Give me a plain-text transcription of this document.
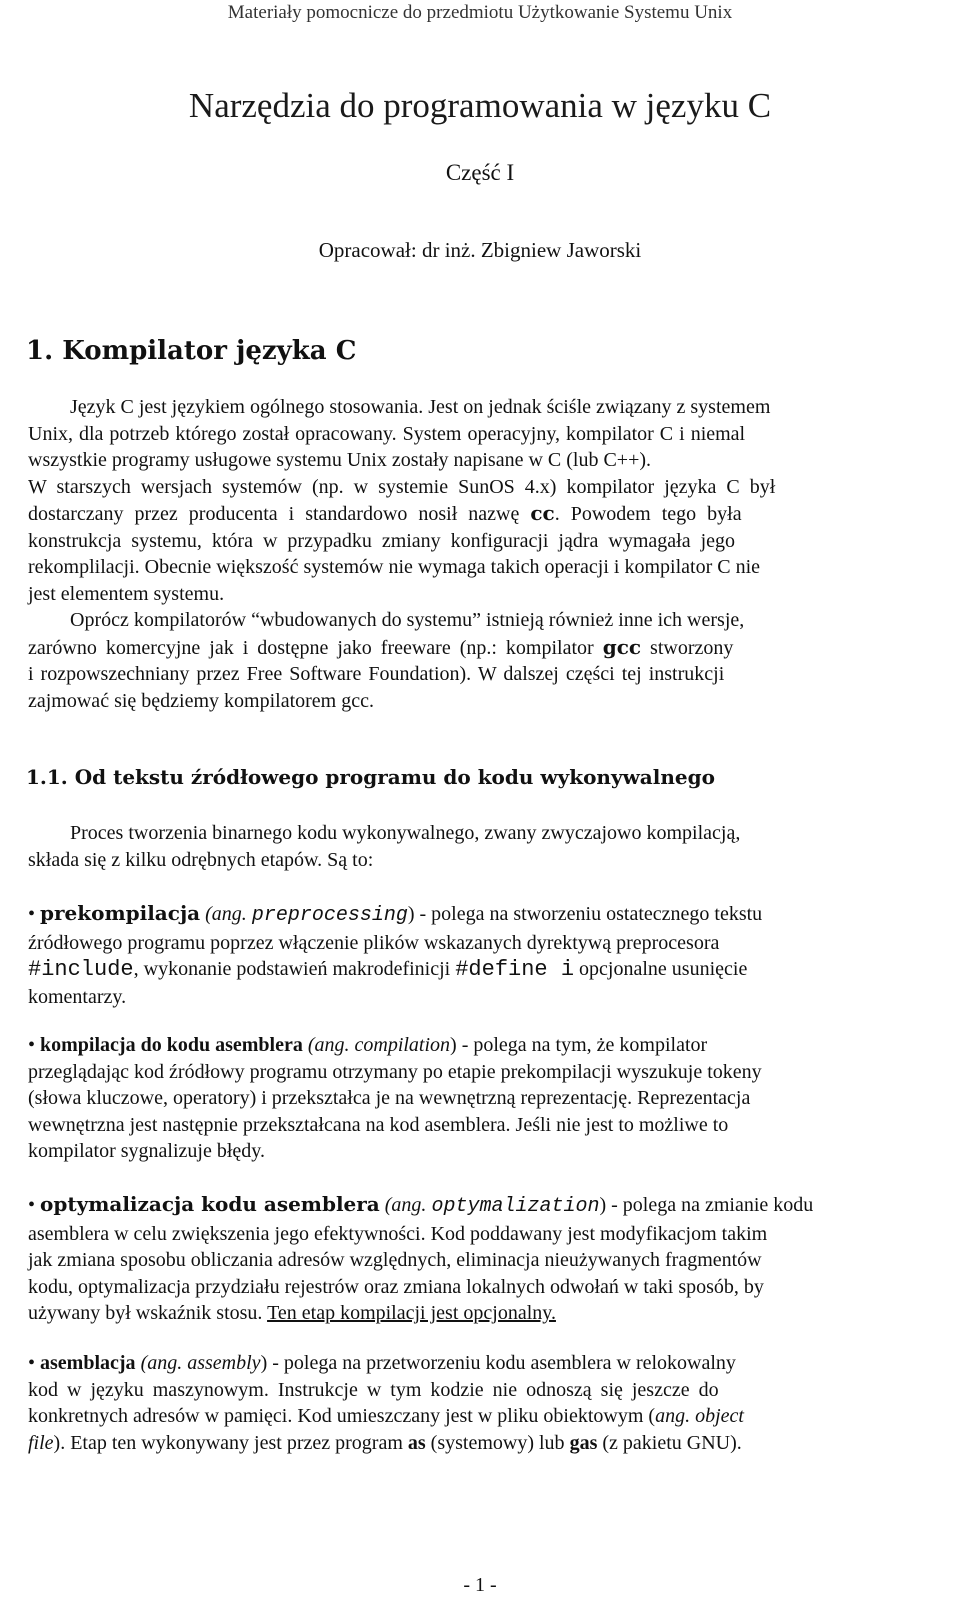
Materiały pomocnicze do przedmiotu Użytkowanie Systemu Unix
Narzędzia do programowania w języku C
Część I
Opracował: dr inż. Zbigniew Jaworski
1. Kompilator języka C
Język C jest językiem ogólnego stosowania. Jest on jednak ściśle związany z systemem
Unix, dla potrzeb którego został opracowany. System operacyjny, kompilator C i niemal
wszystkie programy usługowe systemu Unix zostały napisane w C (lub C++).
W starszych wersjach systemów (np. w systemie SunOS 4.x) kompilator języka C był
dostarczany przez producenta i standardowo nosił nazwę cc. Powodem tego była
konstrukcja systemu, która w przypadku zmiany konfiguracji jądra wymagała jego
rekomplilacji. Obecnie większość systemów nie wymaga takich operacji i kompilator C nie
jest elementem systemu.
Oprócz kompilatorów “wbudowanych do systemu” istnieją również inne ich wersje,
zarówno komercyjne jak i dostępne jako freeware (np.: kompilator gcc stworzony
i rozpowszechniany przez Free Software Foundation). W dalszej części tej instrukcji
zajmować się będziemy kompilatorem gcc.
1.1. Od tekstu źródłowego programu do kodu wykonywalnego
Proces tworzenia binarnego kodu wykonywalnego, zwany zwyczajowo kompilacją,
składa się z kilku odrębnych etapów. Są to:
• prekompilacja (ang. preprocessing) - polega na stworzeniu ostatecznego tekstu
źródłowego programu poprzez włączenie plików wskazanych dyrektywą preprocesora
#include, wykonanie podstawień makrodefinicji #define i opcjonalne usunięcie
komentarzy.
• kompilacja do kodu asemblera (ang. compilation) - polega na tym, że kompilator
przeglądając kod źródłowy programu otrzymany po etapie prekompilacji wyszukuje tokeny
(słowa kluczowe, operatory) i przekształca je na wewnętrzną reprezentację. Reprezentacja
wewnętrzna jest następnie przekształcana na kod asemblera. Jeśli nie jest to możliwe to
kompilator sygnalizuje błędy.
• optymalizacja kodu asemblera (ang. optymalization) - polega na zmianie kodu
asemblera w celu zwiększenia jego efektywności. Kod poddawany jest modyfikacjom takim
jak zmiana sposobu obliczania adresów względnych, eliminacja nieużywanych fragmentów
kodu, optymalizacja przydziału rejestrów oraz zmiana lokalnych odwołań w taki sposób, by
używany był wskaźnik stosu. Ten etap kompilacji jest opcjonalny.
• asemblacja (ang. assembly) - polega na przetworzeniu kodu asemblera w relokowalny
kod w języku maszynowym. Instrukcje w tym kodzie nie odnoszą się jeszcze do
konkretnych adresów w pamięci. Kod umieszczany jest w pliku obiektowym (ang. object
file). Etap ten wykonywany jest przez program as (systemowy) lub gas (z pakietu GNU).
- 1 -
